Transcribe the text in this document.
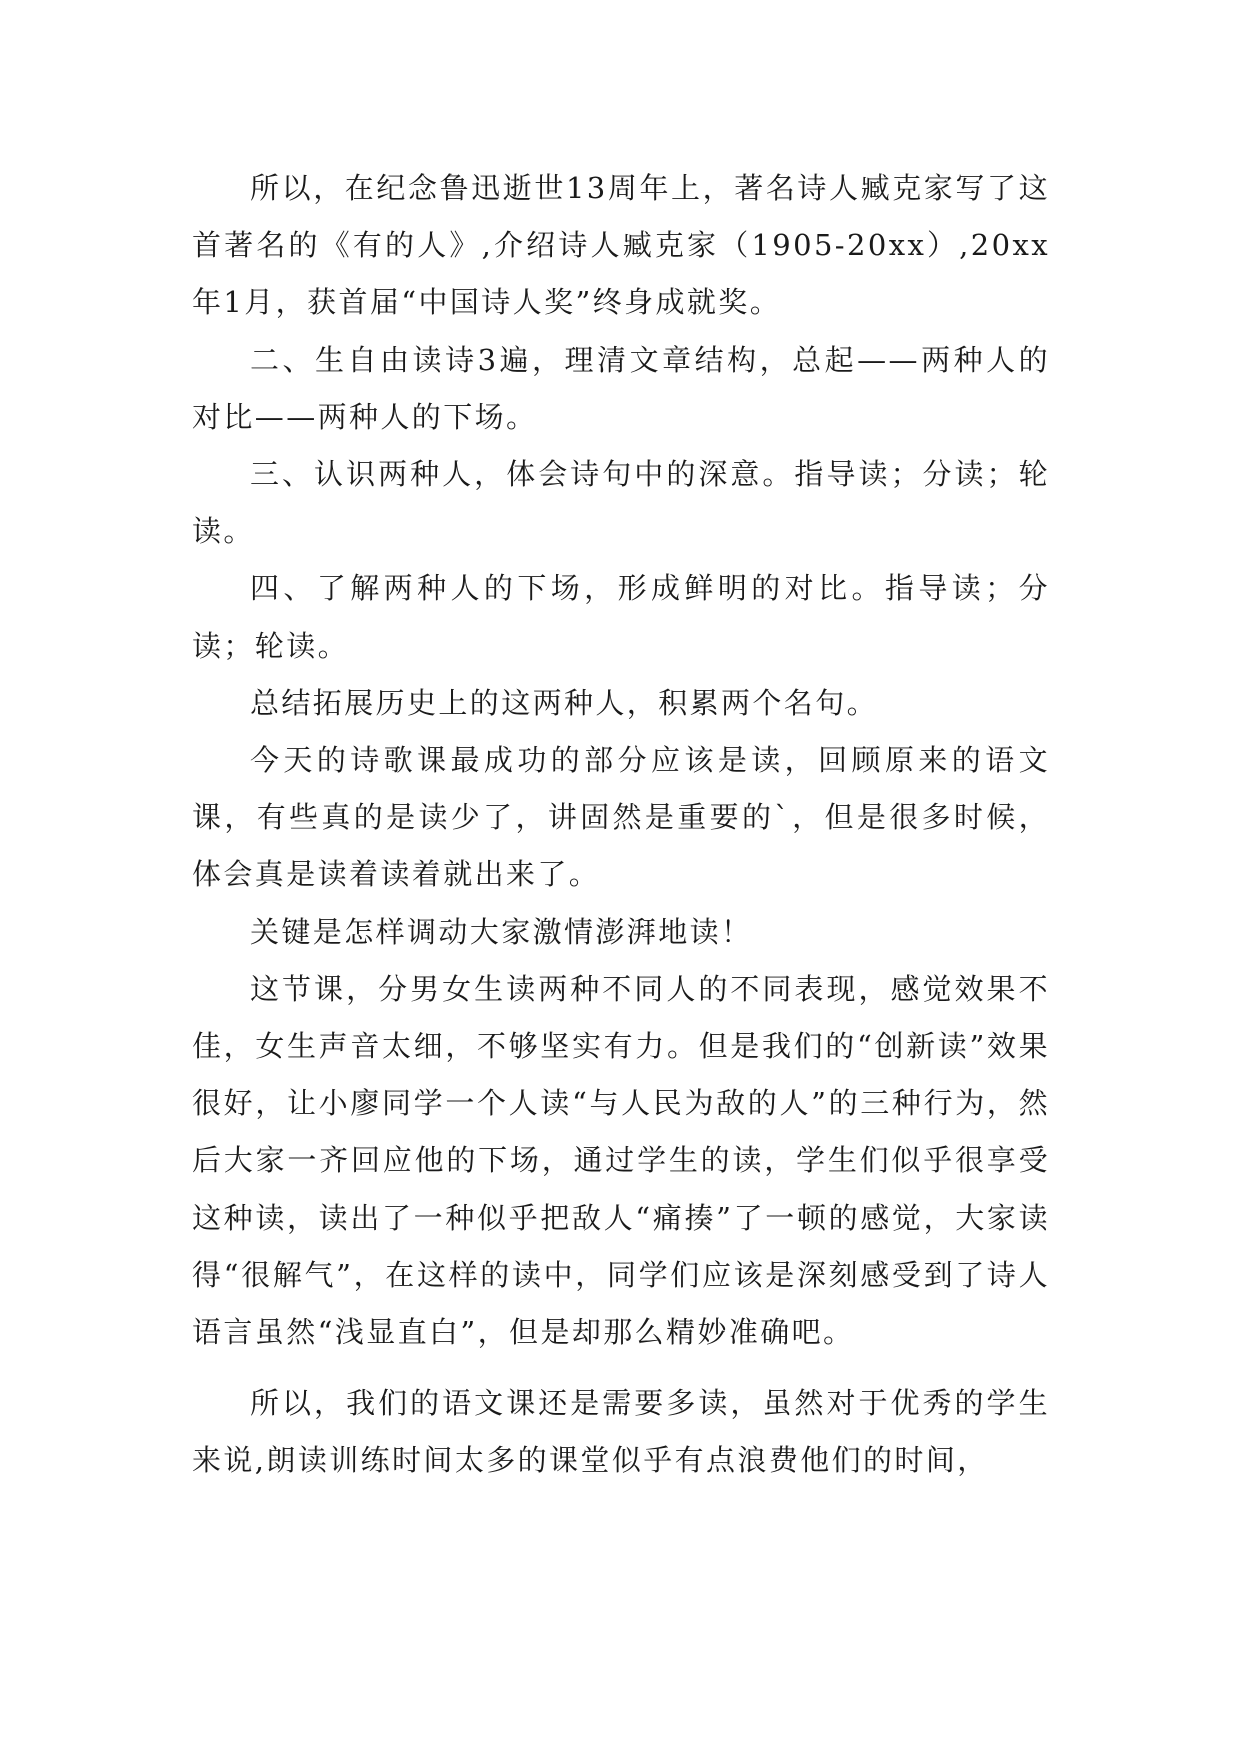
所以，在纪念鲁迅逝世13周年上，著名诗人臧克家写了这首著名的《有的人》,介绍诗人臧克家（1905-20xx）,20xx年1月，获首届“中国诗人奖”终身成就奖。

二、生自由读诗3遍，理清文章结构，总起——两种人的对比——两种人的下场。

三、认识两种人，体会诗句中的深意。指导读；分读；轮读。

四、了解两种人的下场，形成鲜明的对比。指导读；分读；轮读。

总结拓展历史上的这两种人，积累两个名句。

今天的诗歌课最成功的部分应该是读，回顾原来的语文课，有些真的是读少了，讲固然是重要的`，但是很多时候，体会真是读着读着就出来了。

关键是怎样调动大家激情澎湃地读！

这节课，分男女生读两种不同人的不同表现，感觉效果不佳，女生声音太细，不够坚实有力。但是我们的“创新读”效果很好，让小廖同学一个人读“与人民为敌的人”的三种行为，然后大家一齐回应他的下场，通过学生的读，学生们似乎很享受这种读，读出了一种似乎把敌人“痛揍”了一顿的感觉，大家读得“很解气”，在这样的读中，同学们应该是深刻感受到了诗人语言虽然“浅显直白”，但是却那么精妙准确吧。

所以，我们的语文课还是需要多读，虽然对于优秀的学生来说,朗读训练时间太多的课堂似乎有点浪费他们的时间，
